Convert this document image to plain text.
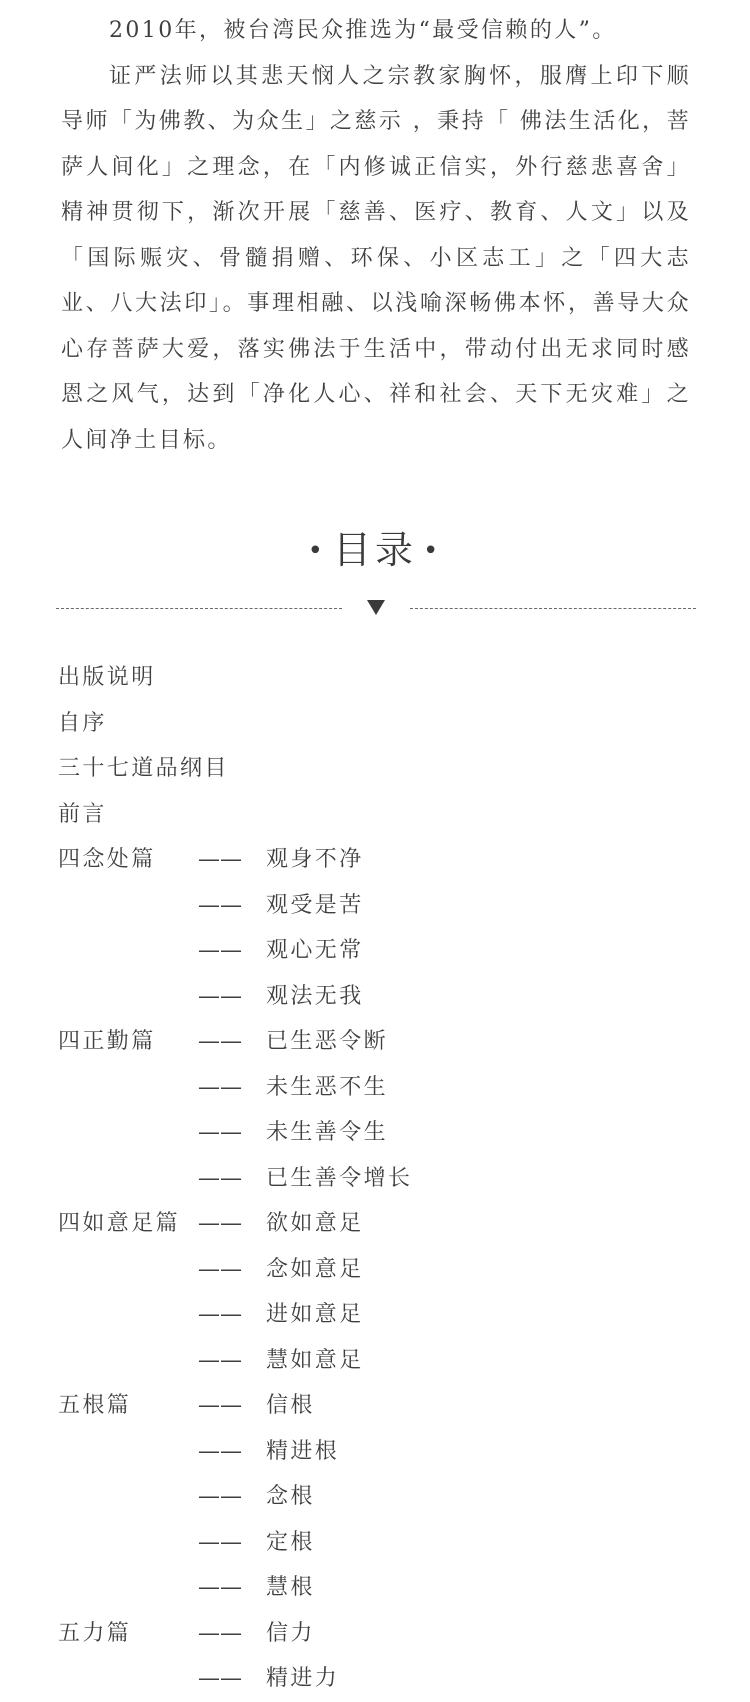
2010年，被台湾民众推选为“最受信赖的人”。

证严法师以其悲天悯人之宗教家胸怀，服膺上印下顺导师「为佛教、为众生」之慈示 ，秉持「 佛法生活化，菩萨人间化」之理念，在「内修诚正信实，外行慈悲喜舍」精神贯彻下，渐次开展「慈善、医疗、教育、人文」以及「国际赈灾、骨髓捐赠、环保、小区志工」之「四大志业、八大法印」。事理相融、以浅喻深畅佛本怀，善导大众心存菩萨大爱，落实佛法于生活中，带动付出无求同时感恩之风气，达到「净化人心、祥和社会、天下无灾难」之人间净土目标。

• 目录 •
出版说明
自序
三十七道品纲目
前言
四念处篇	——	观身不净
——	观受是苦
——	观心无常
——	观法无我
四正勤篇	——	已生恶令断
——	未生恶不生
——	未生善令生
——	已生善令增长
四如意足篇 ——	欲如意足
——	念如意足
——	进如意足
——	慧如意足
五根篇	——	信根
——	精进根
——	念根
——	定根
——	慧根
五力篇	——	信力
——	精进力
